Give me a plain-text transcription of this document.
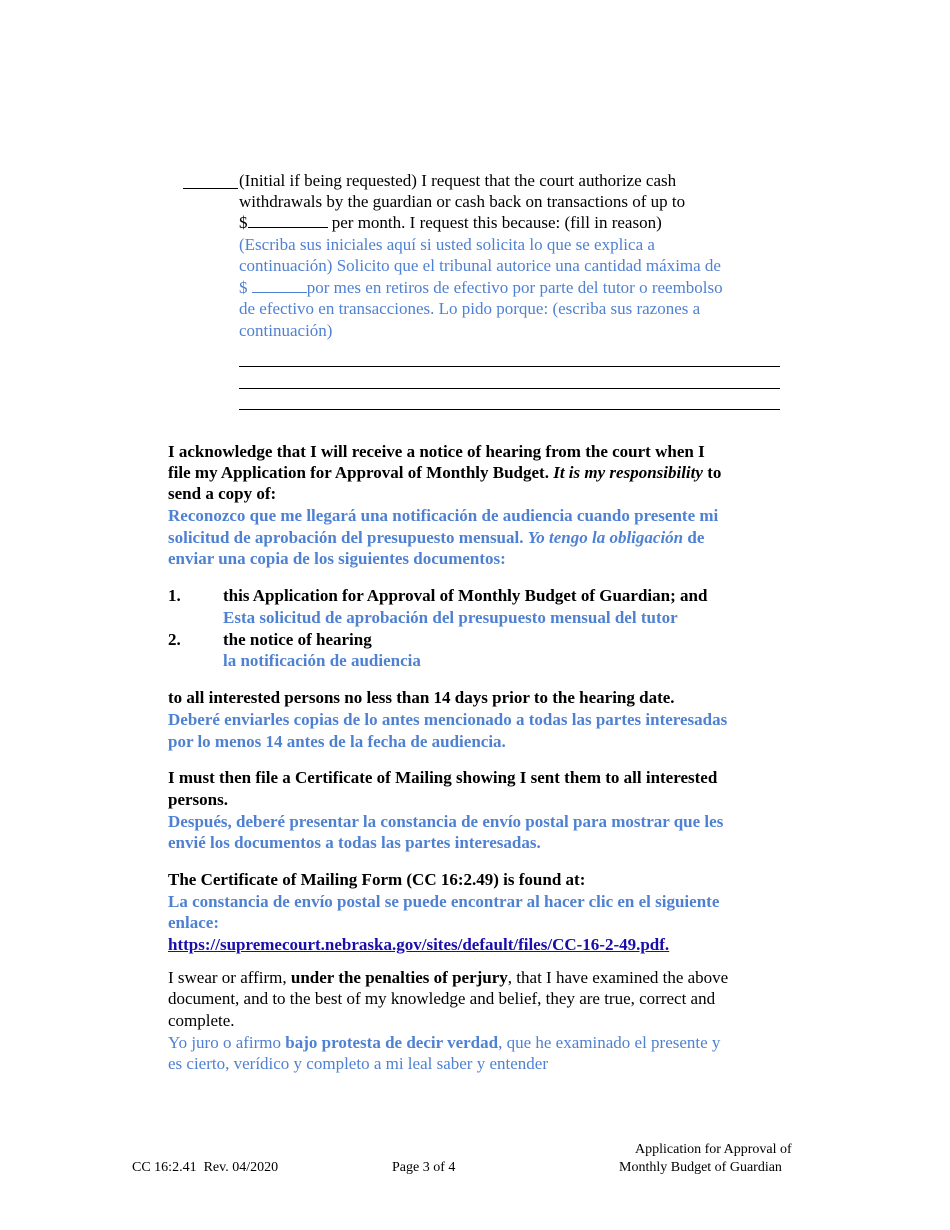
(Initial if being requested) I request that the court authorize cash
withdrawals by the guardian or cash back on transactions of up to
$	per month. I request this because: (fill in reason)
(Escriba sus iniciales aquí si usted solicita lo que se explica a
continuación) Solicito que el tribunal autorice una cantidad máxima de
$	por mes en retiros de efectivo por parte del tutor o reembolso
de efectivo en transacciones. Lo pido porque: (escriba sus razones a
continuación)
I acknowledge that I will receive a notice of hearing from the court when I
file my Application for Approval of Monthly Budget. It is my responsibility to
send a copy of:
Reconozco que me llegará una notificación de audiencia cuando presente mi
solicitud de aprobación del presupuesto mensual. Yo tengo la obligación de
enviar una copia de los siguientes documentos:
1. this Application for Approval of Monthly Budget of Guardian; and
Esta solicitud de aprobación del presupuesto mensual del tutor
2. the notice of hearing
la notificación de audiencia
to all interested persons no less than 14 days prior to the hearing date.
Deberé enviarles copias de lo antes mencionado a todas las partes interesadas
por lo menos 14 antes de la fecha de audiencia.
I must then file a Certificate of Mailing showing I sent them to all interested
persons.
Después, deberé presentar la constancia de envío postal para mostrar que les
envié los documentos a todas las partes interesadas.
The Certificate of Mailing Form (CC 16:2.49) is found at:
La constancia de envío postal se puede encontrar al hacer clic en el siguiente
enlace:
https://supremecourt.nebraska.gov/sites/default/files/CC-16-2-49.pdf.
I swear or affirm, under the penalties of perjury, that I have examined the above
document, and to the best of my knowledge and belief, they are true, correct and
complete.
Yo juro o afirmo bajo protesta de decir verdad, que he examinado el presente y
es cierto, verídico y completo a mi leal saber y entender
CC 16:2.41  Rev. 04/2020	Page 3 of 4
Application for Approval of
Monthly Budget of Guardian
